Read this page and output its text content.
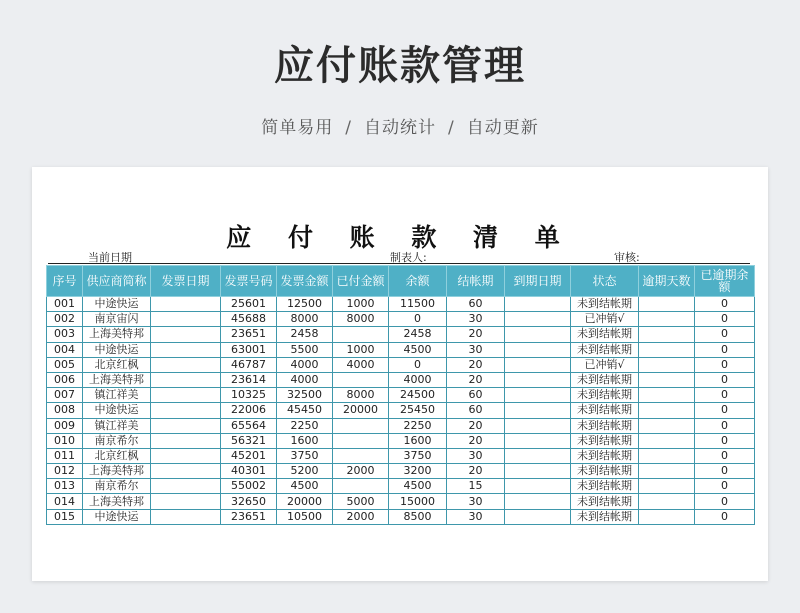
应付账款管理
简单易用 / 自动统计 / 自动更新
应 付 账 款 清 单
当前日期	制表人:	审核:
序号	供应商简称	发票日期	发票号码	发票金额	已付金额	余额	结帐期	到期日期	状态	逾期天数	已逾期余额
001	中途快运		25601	12500	1000	11500	60		未到结帐期		0
002	南京宙闪		45688	8000	8000	0	30		已冲销√		0
003	上海美特邦		23651	2458		2458	20		未到结帐期		0
004	中途快运		63001	5500	1000	4500	30		未到结帐期		0
005	北京红枫		46787	4000	4000	0	20		已冲销√		0
006	上海美特邦		23614	4000		4000	20		未到结帐期		0
007	镇江祥美		10325	32500	8000	24500	60		未到结帐期		0
008	中途快运		22006	45450	20000	25450	60		未到结帐期		0
009	镇江祥美		65564	2250		2250	20		未到结帐期		0
010	南京希尔		56321	1600		1600	20		未到结帐期		0
011	北京红枫		45201	3750		3750	30		未到结帐期		0
012	上海美特邦		40301	5200	2000	3200	20		未到结帐期		0
013	南京希尔		55002	4500		4500	15		未到结帐期		0
014	上海美特邦		32650	20000	5000	15000	30		未到结帐期		0
015	中途快运		23651	10500	2000	8500	30		未到结帐期		0
